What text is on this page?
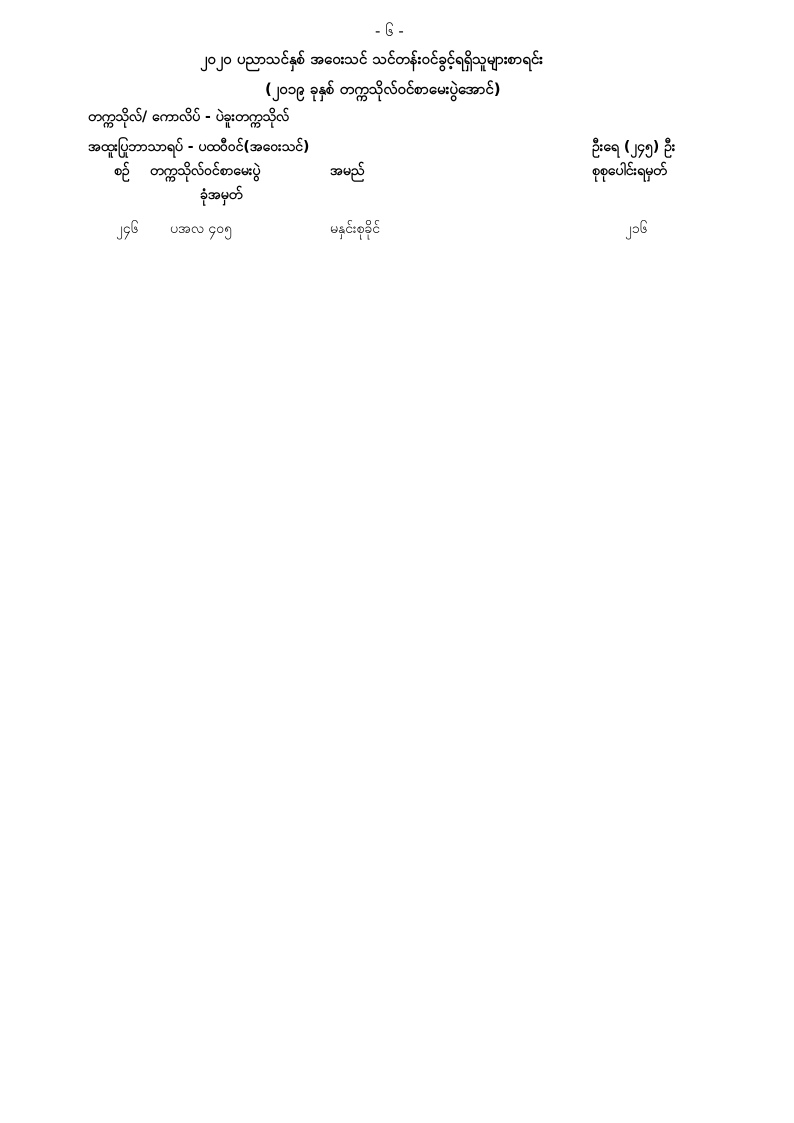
- ၆ -
၂၀၂၀ ပညာသင်နှစ် အဝေးသင် သင်တန်းဝင်ခွင့်ရရှိသူများစာရင်း
(၂၀၁၉ ခုနှစ် တက္ကသိုလ်ဝင်စာမေးပွဲအောင်)
တက္ကသိုလ်/ ကောလိပ် - ပဲခူးတက္ကသိုလ်
အထူးပြုဘာသာရပ် - ပထဝီဝင်(အဝေးသင်)	ဦးရေ (၂၄၅) ဦး
စဉ် တက္ကသိုလ်ဝင်စာမေးပွဲ	အမည်	စုစုပေါင်းရမှတ်
ခုံအမှတ်
၂၄၆ ပအလ ၄၀၅	မနှင်းစုခိုင်	၂၁၆
